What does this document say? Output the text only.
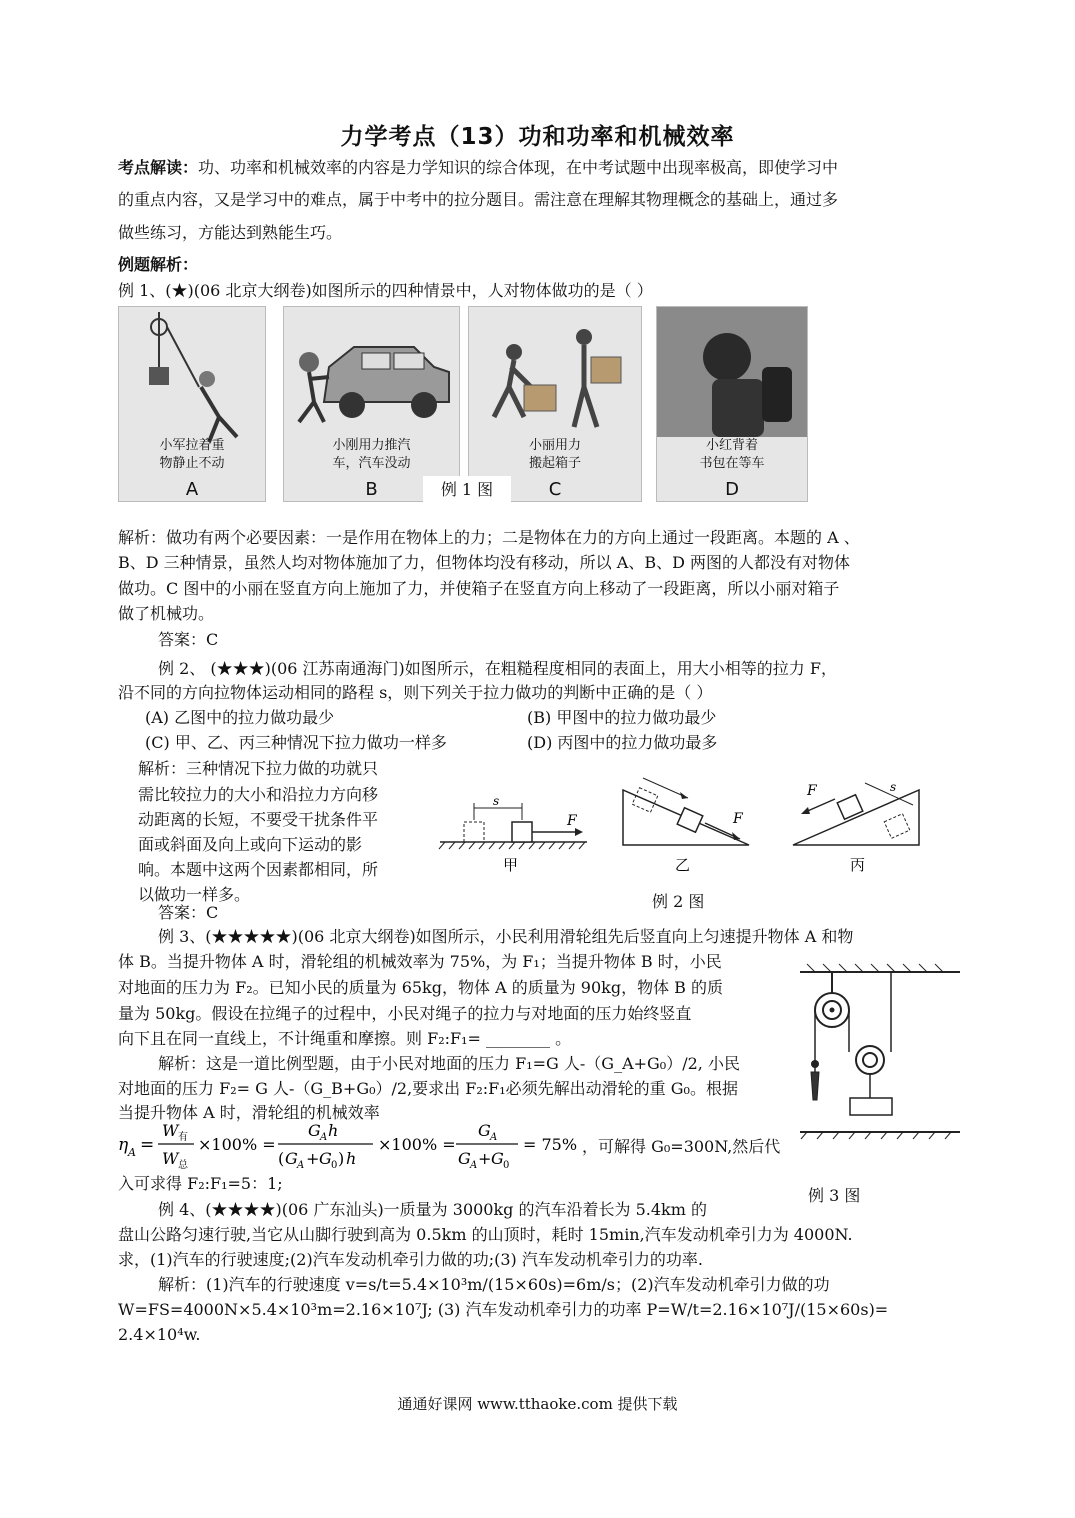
力学考点（13）功和功率和机械效率
考点解读：功、功率和机械效率的内容是力学知识的综合体现，在中考试题中出现率极高，即使学习中
的重点内容，又是学习中的难点，属于中考中的拉分题目。需注意在理解其物理概念的基础上，通过多
做些练习，方能达到熟能生巧。
例题解析：
例 1、(★)(06 北京大纲卷)如图所示的四种情景中，人对物体做功的是（ ）
小军拉着重
物静止不动
A
小刚用力推汽
车，汽车没动
B
小丽用力
搬起箱子
C
小红背着
书包在等车
D
例 1 图
解析：做功有两个必要因素：一是作用在物体上的力；二是物体在力的方向上通过一段距离。本题的 A 、
B、D 三种情景，虽然人均对物体施加了力，但物体均没有移动，所以 A、B、D 两图的人都没有对物体
做功。C 图中的小丽在竖直方向上施加了力，并使箱子在竖直方向上移动了一段距离，所以小丽对箱子
做了机械功。
答案：C
例 2、 (★★★)(06 江苏南通海门)如图所示，在粗糙程度相同的表面上，用大小相等的拉力 F，
沿不同的方向拉物体运动相同的路程 s，则下列关于拉力做功的判断中正确的是（ ）
(A) 乙图中的拉力做功最少	(B) 甲图中的拉力做功最少
(C) 甲、乙、丙三种情况下拉力做功一样多	(D) 丙图中的拉力做功最多
解析：三种情况下拉力做的功就只
需比较拉力的大小和沿拉力方向移
动距离的长短，不要受干扰条件平
面或斜面及向上或向下运动的影
响。本题中这两个因素都相同，所
以做功一样多。
答案：C
s
F
甲
F
乙
F	s
丙
例 2 图
例 3、(★★★★★)(06 北京大纲卷)如图所示，小民利用滑轮组先后竖直向上匀速提升物体 A 和物
体 B。当提升物体 A 时，滑轮组的机械效率为 75%，为 F₁；当提升物体 B 时，小民
对地面的压力为 F₂。已知小民的质量为 65kg，物体 A 的质量为 90kg，物体 B 的质
量为 50kg。假设在拉绳子的过程中，小民对绳子的拉力与对地面的压力始终竖直
向下且在同一直线上，不计绳重和摩擦。则 F₂:F₁= ________ 。
解析：这是一道比例型题，由于小民对地面的压力 F₁=G 人-（G_A+G₀）/2, 小民
对地面的压力 F₂= G 人-（G_B+G₀）/2,要求出 F₂:F₁必须先解出动滑轮的重 G₀。根据
当提升物体 A 时，滑轮组的机械效率
η A =
W 有
W 总
×100% =
G A h
( G A + G 0 ) h
×100% =
G A
G A + G 0
= 75% ，可解得 G₀=300N,然后代
入可求得 F₂:F₁=5：1;
例 3 图
例 4、(★★★★)(06 广东汕头)一质量为 3000kg 的汽车沿着长为 5.4km 的
盘山公路匀速行驶,当它从山脚行驶到高为 0.5km 的山顶时，耗时 15min,汽车发动机牵引力为 4000N.
求，(1)汽车的行驶速度;(2)汽车发动机牵引力做的功;(3) 汽车发动机牵引力的功率.
解析：(1)汽车的行驶速度 v=s/t=5.4×10³m/(15×60s)=6m/s；(2)汽车发动机牵引力做的功
W=FS=4000N×5.4×10³m=2.16×10⁷J; (3) 汽车发动机牵引力的功率 P=W/t=2.16×10⁷J/(15×60s)=
2.4×10⁴w.
通通好课网 www.tthaoke.com 提供下载
